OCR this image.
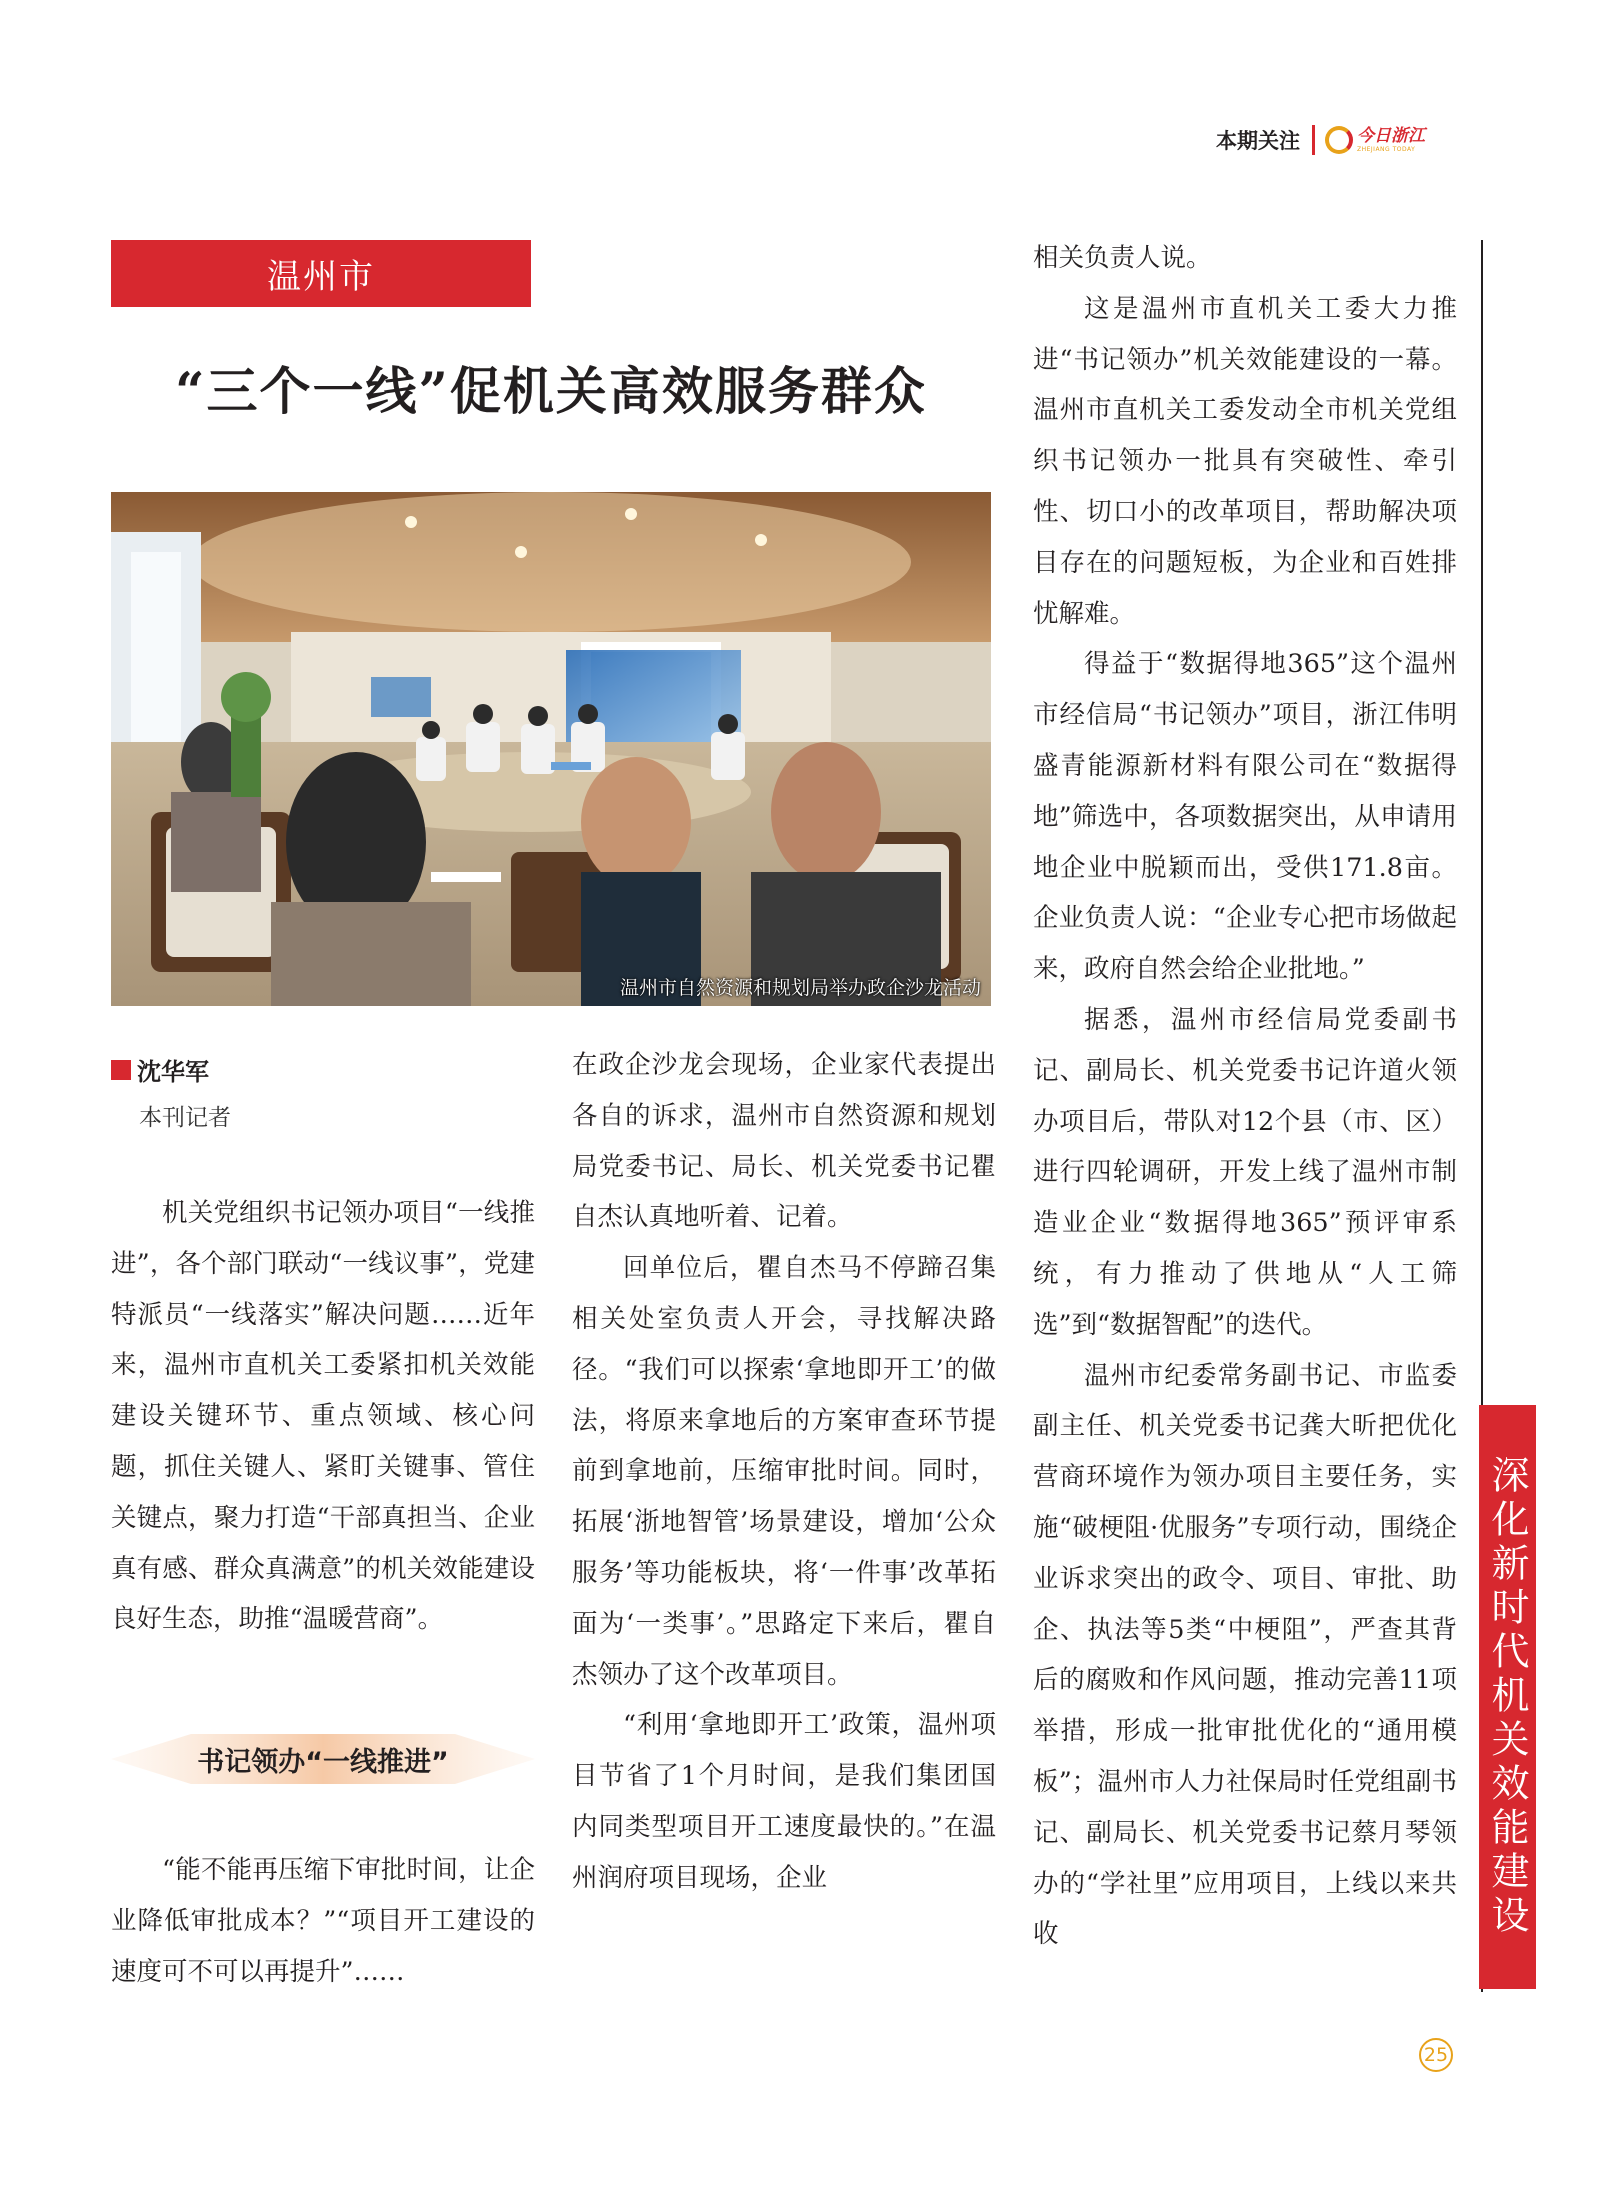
本期关注	今日浙江
ZHEJIANG TODAY
温州市
“三个一线”促机关高效服务群众
温州市自然资源和规划局举办政企沙龙活动
沈华军
本刊记者

机关党组织书记领办项目“一线推进”，各个部门联动“一线议事”，党建特派员“一线落实”解决问题……近年来，温州市直机关工委紧扣机关效能建设关键环节、重点领域、核心问题，抓住关键人、紧盯关键事、管住关键点，聚力打造“干部真担当、企业真有感、群众真满意”的机关效能建设良好生态，助推“温暖营商”。

书记领办“一线推进”

“能不能再压缩下审批时间，让企业降低审批成本？”“项目开工建设的速度可不可以再提升”……

在政企沙龙会现场，企业家代表提出各自的诉求，温州市自然资源和规划局党委书记、局长、机关党委书记瞿自杰认真地听着、记着。

回单位后，瞿自杰马不停蹄召集相关处室负责人开会，寻找解决路径。“我们可以探索‘拿地即开工’的做法，将原来拿地后的方案审查环节提前到拿地前，压缩审批时间。同时，拓展‘浙地智管’场景建设，增加‘公众服务’等功能板块，将‘一件事’改革拓面为‘一类事’。”思路定下来后，瞿自杰领办了这个改革项目。

“利用‘拿地即开工’政策，温州项目节省了1个月时间，是我们集团国内同类型项目开工速度最快的。”在温州润府项目现场，企业

相关负责人说。

这是温州市直机关工委大力推进“书记领办”机关效能建设的一幕。温州市直机关工委发动全市机关党组织书记领办一批具有突破性、牵引性、切口小的改革项目，帮助解决项目存在的问题短板，为企业和百姓排忧解难。

得益于“数据得地365”这个温州市经信局“书记领办”项目，浙江伟明盛青能源新材料有限公司在“数据得地”筛选中，各项数据突出，从申请用地企业中脱颖而出，受供171.8亩。企业负责人说：“企业专心把市场做起来，政府自然会给企业批地。”

据悉，温州市经信局党委副书记、副局长、机关党委书记许道火领办项目后，带队对12个县（市、区）进行四轮调研，开发上线了温州市制造业企业“数据得地365”预评审系统，有力推动了供地从“人工筛选”到“数据智配”的迭代。

温州市纪委常务副书记、市监委副主任、机关党委书记龚大昕把优化营商环境作为领办项目主要任务，实施“破梗阻·优服务”专项行动，围绕企业诉求突出的政令、项目、审批、助企、执法等5类“中梗阻”，严查其背后的腐败和作风问题，推动完善11项举措，形成一批审批优化的“通用模板”；温州市人力社保局时任党组副书记、副局长、机关党委书记蔡月琴领办的“学社里”应用项目，上线以来共收	深化新时代机关效能建设
25
